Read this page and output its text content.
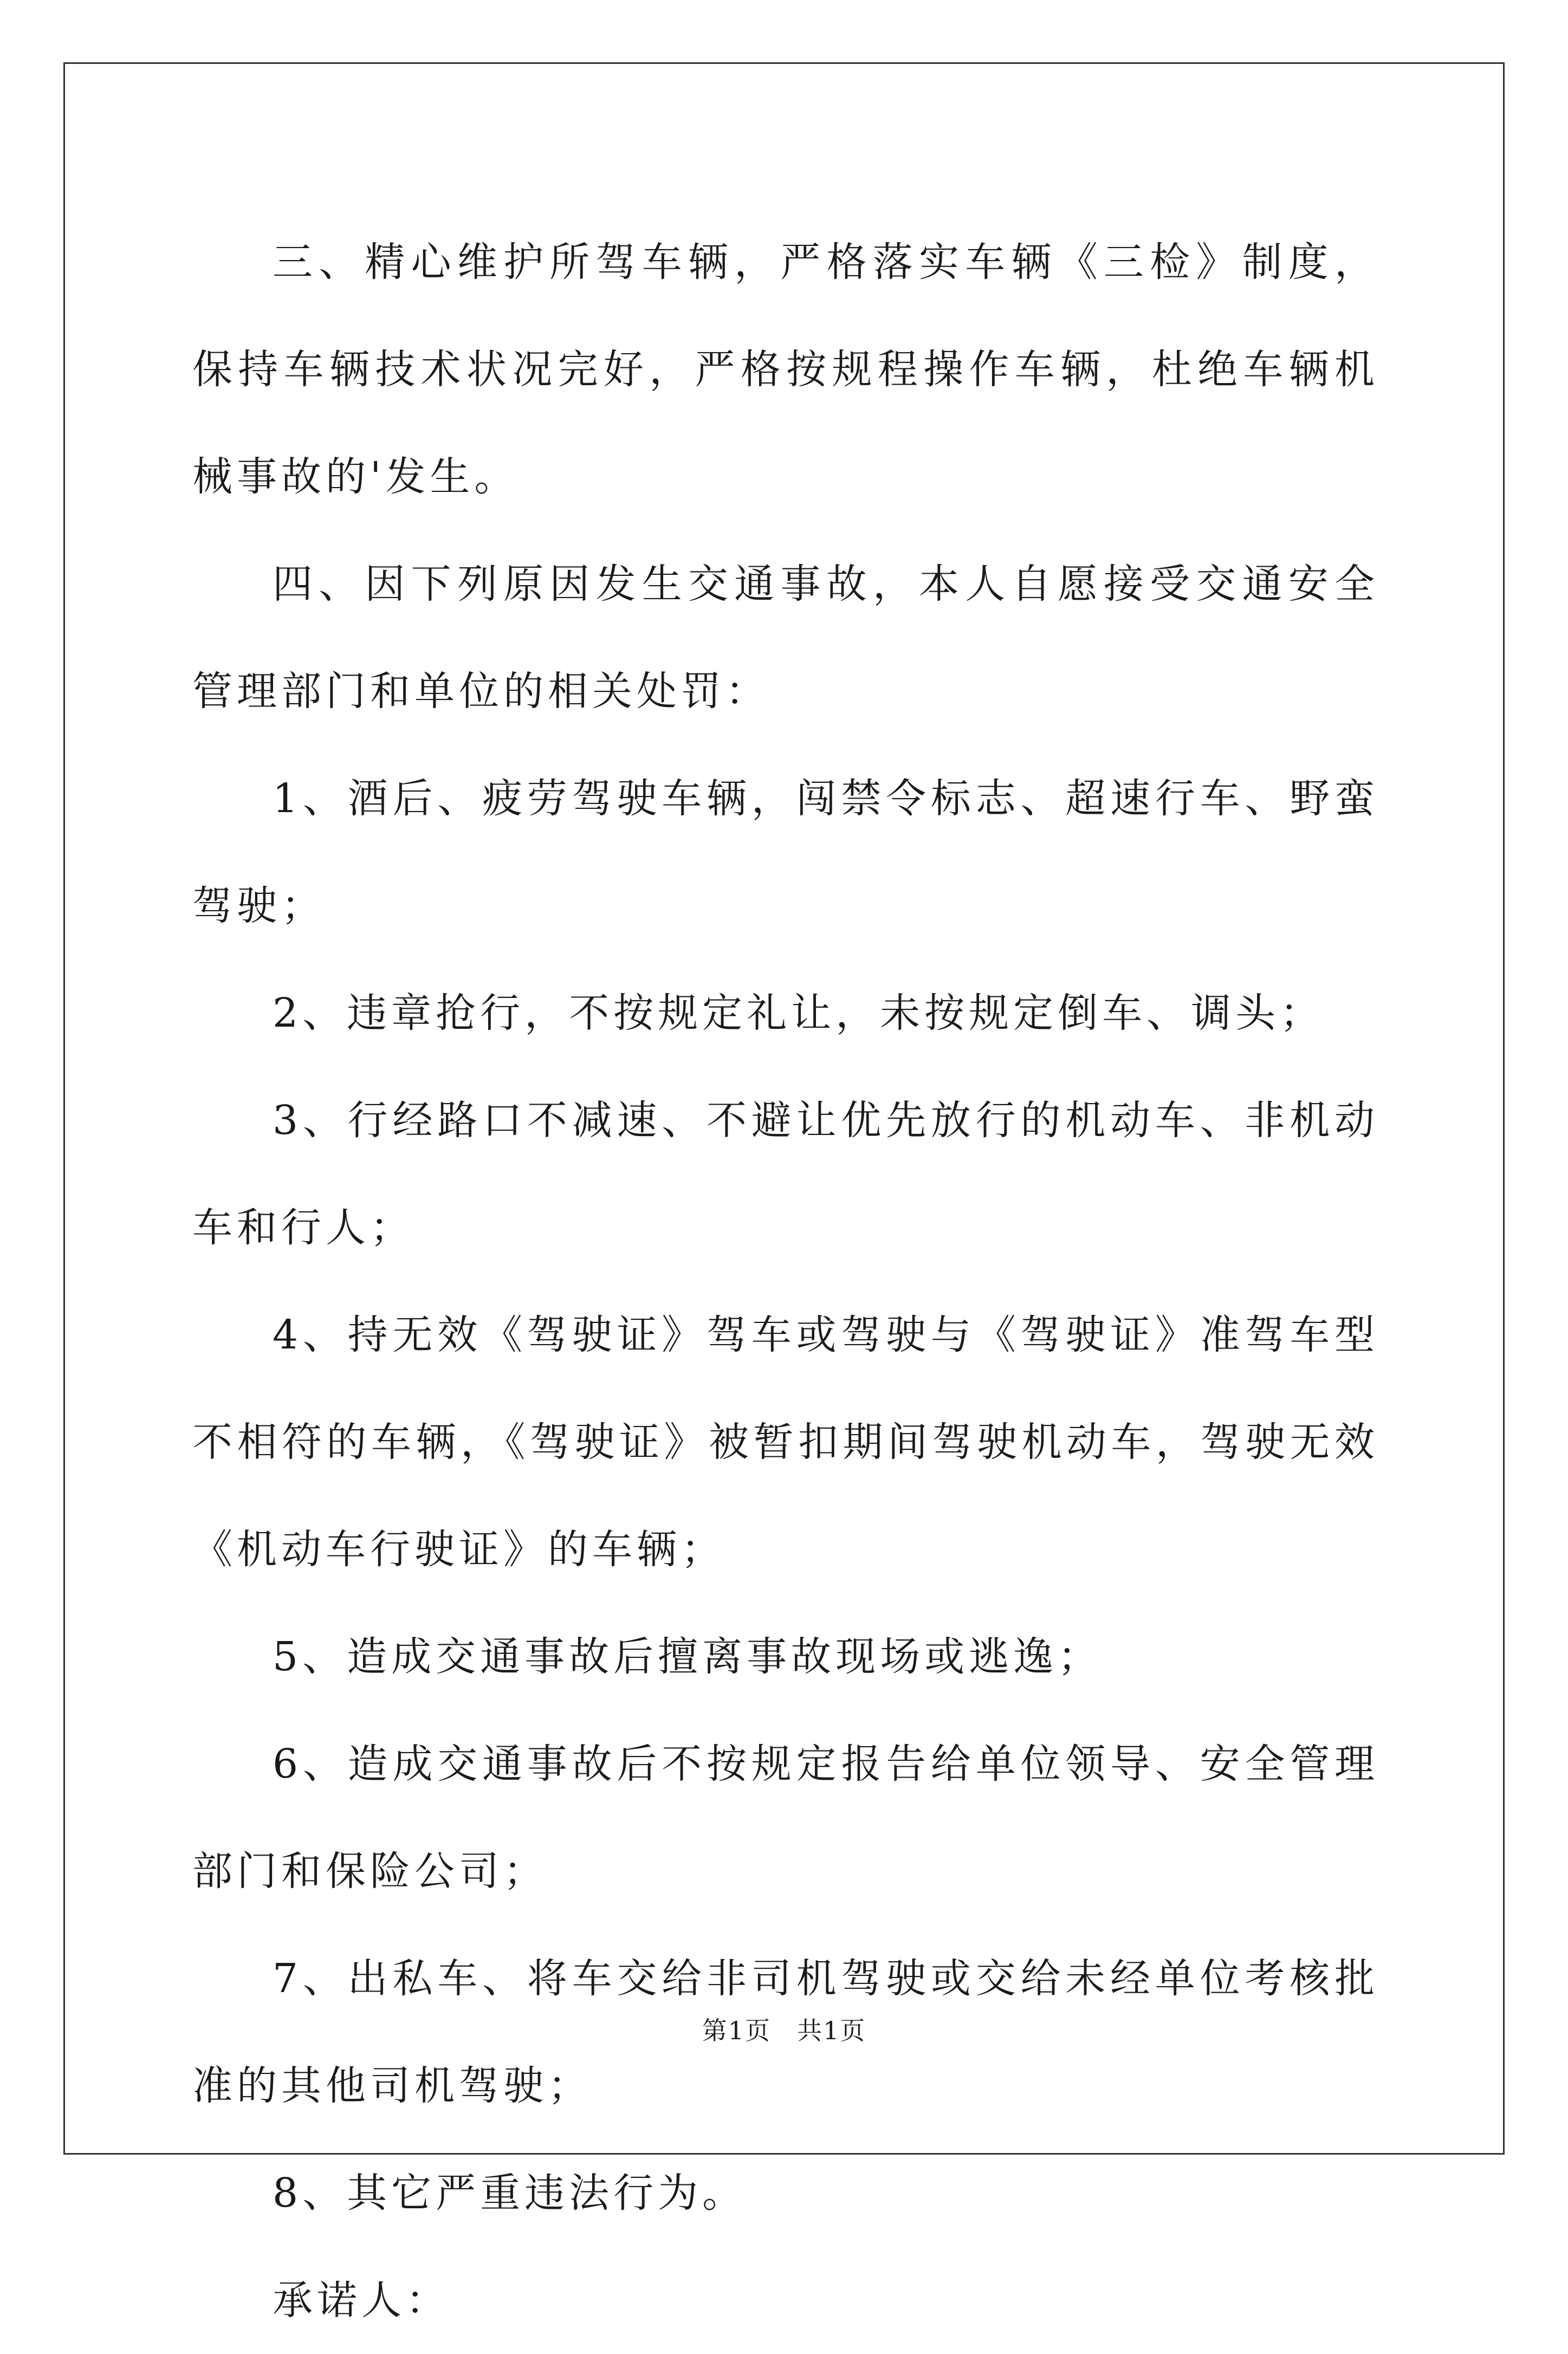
三、精心维护所驾车辆，严格落实车辆《三检》制度，保持车辆技术状况完好，严格按规程操作车辆，杜绝车辆机械事故的'发生。

四、因下列原因发生交通事故，本人自愿接受交通安全管理部门和单位的相关处罚：

1、酒后、疲劳驾驶车辆，闯禁令标志、超速行车、野蛮驾驶；

2、违章抢行，不按规定礼让，未按规定倒车、调头；

3、行经路口不减速、不避让优先放行的机动车、非机动车和行人；

4、持无效《驾驶证》驾车或驾驶与《驾驶证》准驾车型不相符的车辆，《驾驶证》被暂扣期间驾驶机动车，驾驶无效《机动车行驶证》的车辆；

5、造成交通事故后擅离事故现场或逃逸；

6、造成交通事故后不按规定报告给单位领导、安全管理部门和保险公司；

7、出私车、将车交给非司机驾驶或交给未经单位考核批准的其他司机驾驶；

8、其它严重违法行为。

承诺人：

第1页 共1页
